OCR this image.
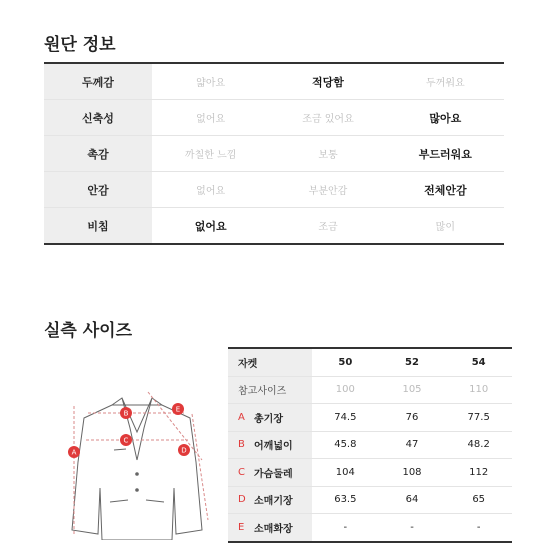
원단 정보
두께감	얇아요	적당함	두꺼워요
신축성	없어요	조금 있어요	많아요
촉감	까칠한 느낌	보통	부드러워요
안감	없어요	부분안감	전체안감
비침	없어요	조금	많이
실측 사이즈
A
B
C
D
E
자켓	50	52	54
참고사이즈	100	105	110
A 총기장	74.5	76	77.5
B 어깨넓이	45.8	47	48.2
C 가슴둘레	104	108	112
D 소매기장	63.5	64	65
E 소매화장	-	-	-
